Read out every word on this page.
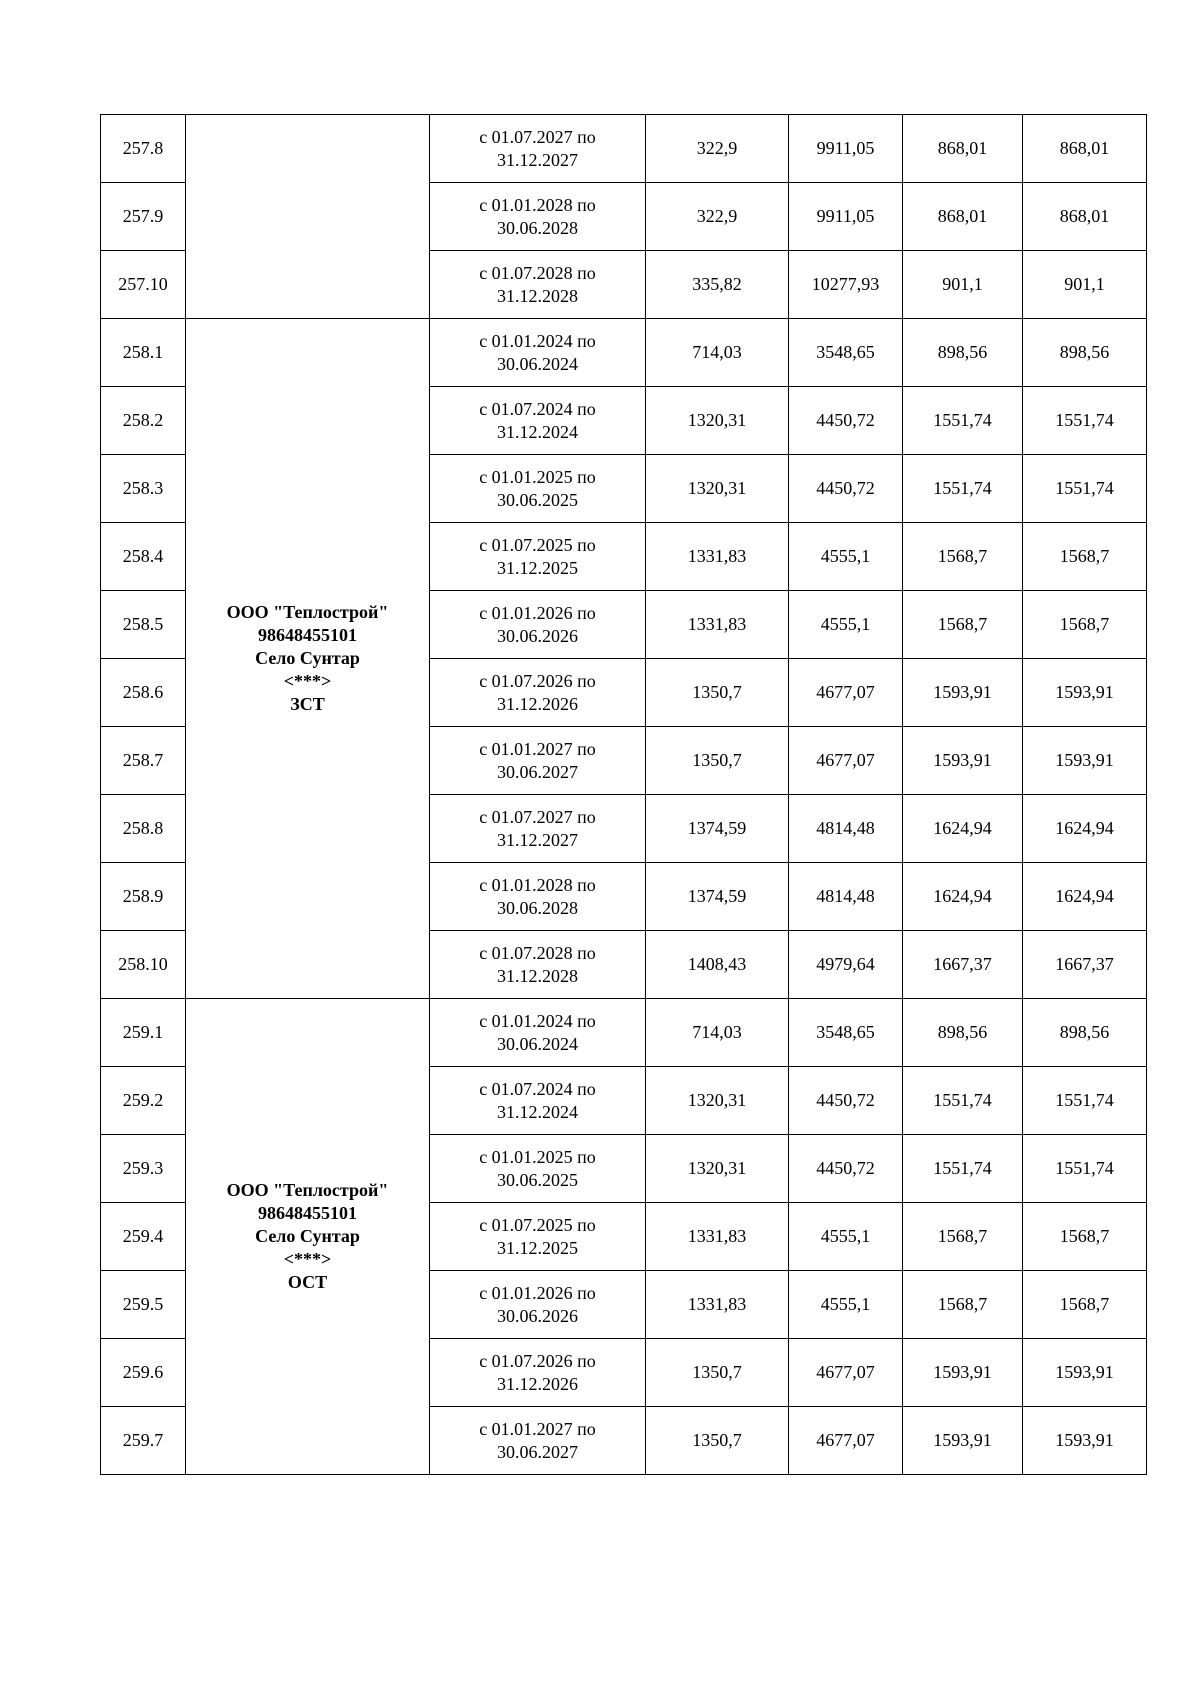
257.8		с 01.07.2027 по
31.12.2027	322,9	9911,05	868,01	868,01
257.9		с 01.01.2028 по
30.06.2028	322,9	9911,05	868,01	868,01
257.10		с 01.07.2028 по
31.12.2028	335,82	10277,93	901,1	901,1
258.1	ООО "Теплострой"
98648455101
Село Сунтар
<***>
ЗСТ	с 01.01.2024 по
30.06.2024	714,03	3548,65	898,56	898,56
258.2		с 01.07.2024 по
31.12.2024	1320,31	4450,72	1551,74	1551,74
258.3		с 01.01.2025 по
30.06.2025	1320,31	4450,72	1551,74	1551,74
258.4		с 01.07.2025 по
31.12.2025	1331,83	4555,1	1568,7	1568,7
258.5		с 01.01.2026 по
30.06.2026	1331,83	4555,1	1568,7	1568,7
258.6		с 01.07.2026 по
31.12.2026	1350,7	4677,07	1593,91	1593,91
258.7		с 01.01.2027 по
30.06.2027	1350,7	4677,07	1593,91	1593,91
258.8		с 01.07.2027 по
31.12.2027	1374,59	4814,48	1624,94	1624,94
258.9		с 01.01.2028 по
30.06.2028	1374,59	4814,48	1624,94	1624,94
258.10		с 01.07.2028 по
31.12.2028	1408,43	4979,64	1667,37	1667,37
259.1	ООО "Теплострой"
98648455101
Село Сунтар
<***>
ОСТ	с 01.01.2024 по
30.06.2024	714,03	3548,65	898,56	898,56
259.2		с 01.07.2024 по
31.12.2024	1320,31	4450,72	1551,74	1551,74
259.3		с 01.01.2025 по
30.06.2025	1320,31	4450,72	1551,74	1551,74
259.4		с 01.07.2025 по
31.12.2025	1331,83	4555,1	1568,7	1568,7
259.5		с 01.01.2026 по
30.06.2026	1331,83	4555,1	1568,7	1568,7
259.6		с 01.07.2026 по
31.12.2026	1350,7	4677,07	1593,91	1593,91
259.7		с 01.01.2027 по
30.06.2027	1350,7	4677,07	1593,91	1593,91
